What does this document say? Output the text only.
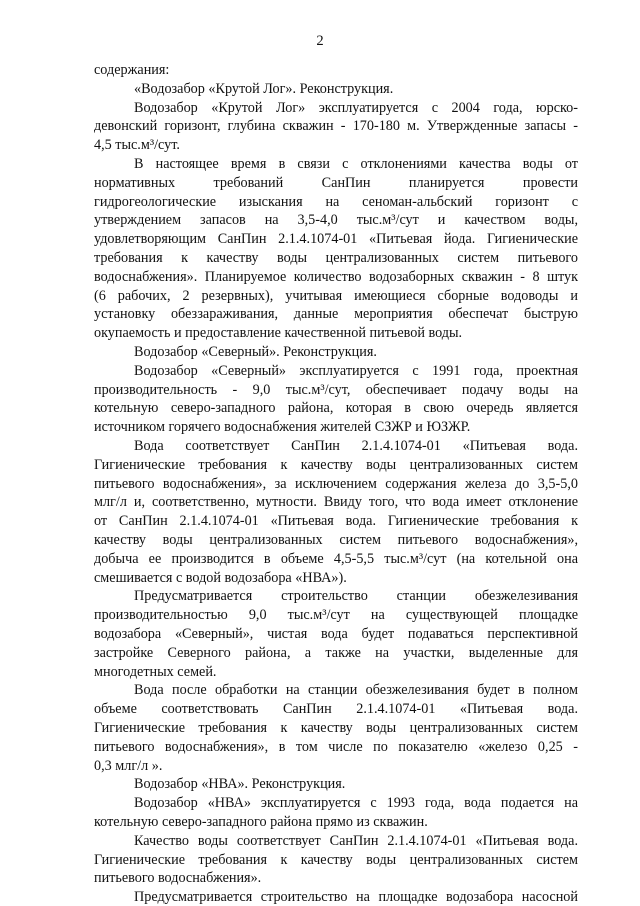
2
содержания:
«Водозабор «Крутой Лог». Реконструкция.
Водозабор «Крутой Лог» эксплуатируется с 2004 года, юрско-
девонский горизонт, глубина скважин - 170-180 м. Утвержденные запасы -
4,5 тыс.м³/сут.
В настоящее время в связи с отклонениями качества воды от
нормативных требований СанПин планируется провести
гидрогеологические изыскания на сеноман-альбский горизонт с
утверждением запасов на 3,5-4,0 тыс.м³/сут и качеством воды,
удовлетворяющим СанПин 2.1.4.1074-01 «Питьевая йода. Гигиенические
требования к качеству воды централизованных систем питьевого
водоснабжения». Планируемое количество водозаборных скважин - 8 штук
(6 рабочих, 2 резервных), учитывая имеющиеся сборные водоводы и
установку обеззараживания, данные мероприятия обеспечат быструю
окупаемость и предоставление качественной питьевой воды.
Водозабор «Северный». Реконструкция.
Водозабор «Северный» эксплуатируется с 1991 года, проектная
производительность - 9,0 тыс.м³/сут, обеспечивает подачу воды на
котельную северо-западного района, которая в свою очередь является
источником горячего водоснабжения жителей СЗЖР и ЮЗЖР.
Вода соответствует СанПин 2.1.4.1074-01 «Питьевая вода.
Гигиенические требования к качеству воды централизованных систем
питьевого водоснабжения», за исключением содержания железа до 3,5-5,0
млг/л и, соответственно, мутности. Ввиду того, что вода имеет отклонение
от СанПин 2.1.4.1074-01 «Питьевая вода. Гигиенические требования к
качеству воды централизованных систем питьевого водоснабжения»,
добыча ее производится в объеме 4,5-5,5 тыс.м³/сут (на котельной она
смешивается с водой водозабора «НВА»).
Предусматривается строительство станции обезжелезивания
производительностью 9,0 тыс.м³/сут на существующей площадке
водозабора «Северный», чистая вода будет подаваться перспективной
застройке Северного района, а также на участки, выделенные для
многодетных семей.
Вода после обработки на станции обезжелезивания будет в полном
объеме соответствовать СанПин 2.1.4.1074-01 «Питьевая вода.
Гигиенические требования к качеству воды централизованных систем
питьевого водоснабжения», в том числе по показателю «железо 0,25 -
0,3 млг/л ».
Водозабор «НВА». Реконструкция.
Водозабор «НВА» эксплуатируется с 1993 года, вода подается на
котельную северо-западного района прямо из скважин.
Качество воды соответствует СанПин 2.1.4.1074-01 «Питьевая вода.
Гигиенические требования к качеству воды централизованных систем
питьевого водоснабжения».
Предусматривается строительство на площадке водозабора насосной
